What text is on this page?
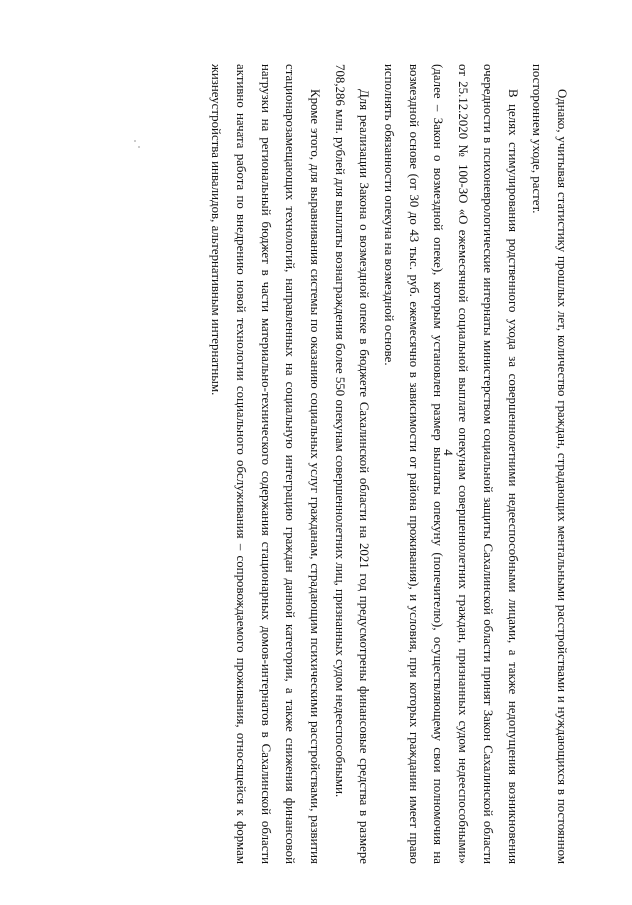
4	Однако, учитывая статистику прошлых лет, количество граждан, страдающих ментальными расстройствами и нуждающихся в постоянном постороннем уходе, растет.

В целях стимулирования родственного ухода за совершеннолетними недееспособными лицами, а также недопущения возникновения очередности в психоневрологические интернаты министерством социальной защиты Сахалинской области принят Закон Сахалинской области от 25.12.2020 № 100-ЗО «О ежемесячной социальной выплате опекунам совершеннолетних граждан, признанных судом недееспособными» (далее – Закон о возмездной опеке), которым установлен размер выплаты опекуну (попечителю), осуществляющему свои полномочия на возмездной основе (от 30 до 43 тыс. руб. ежемесячно в зависимости от района проживания), и условия, при которых гражданин имеет право исполнять обязанности опекуна на возмездной основе.

Для реализации Закона о возмездной опеке в бюджете Сахалинской области на 2021 год предусмотрены финансовые средства в размере 708,286 млн. рублей для выплаты вознаграждения более 550 опекунам совершеннолетних лиц, признанных судом недееспособными.

Кроме этого, для выравнивания системы по оказанию социальных услуг гражданам, страдающим психическими расстройствами, развития стационарозамещающих технологий, направленных на социальную интеграцию граждан данной категории, а также снижения финансовой нагрузки на региональный бюджет в части материально-технического содержания стационарных домов-интернатов в Сахалинской области активно начата работа по внедрению новой технологии социального обслуживания – сопровождаемого проживания, относящейся к формам жизнеустройства инвалидов, альтернативным интернатным.
